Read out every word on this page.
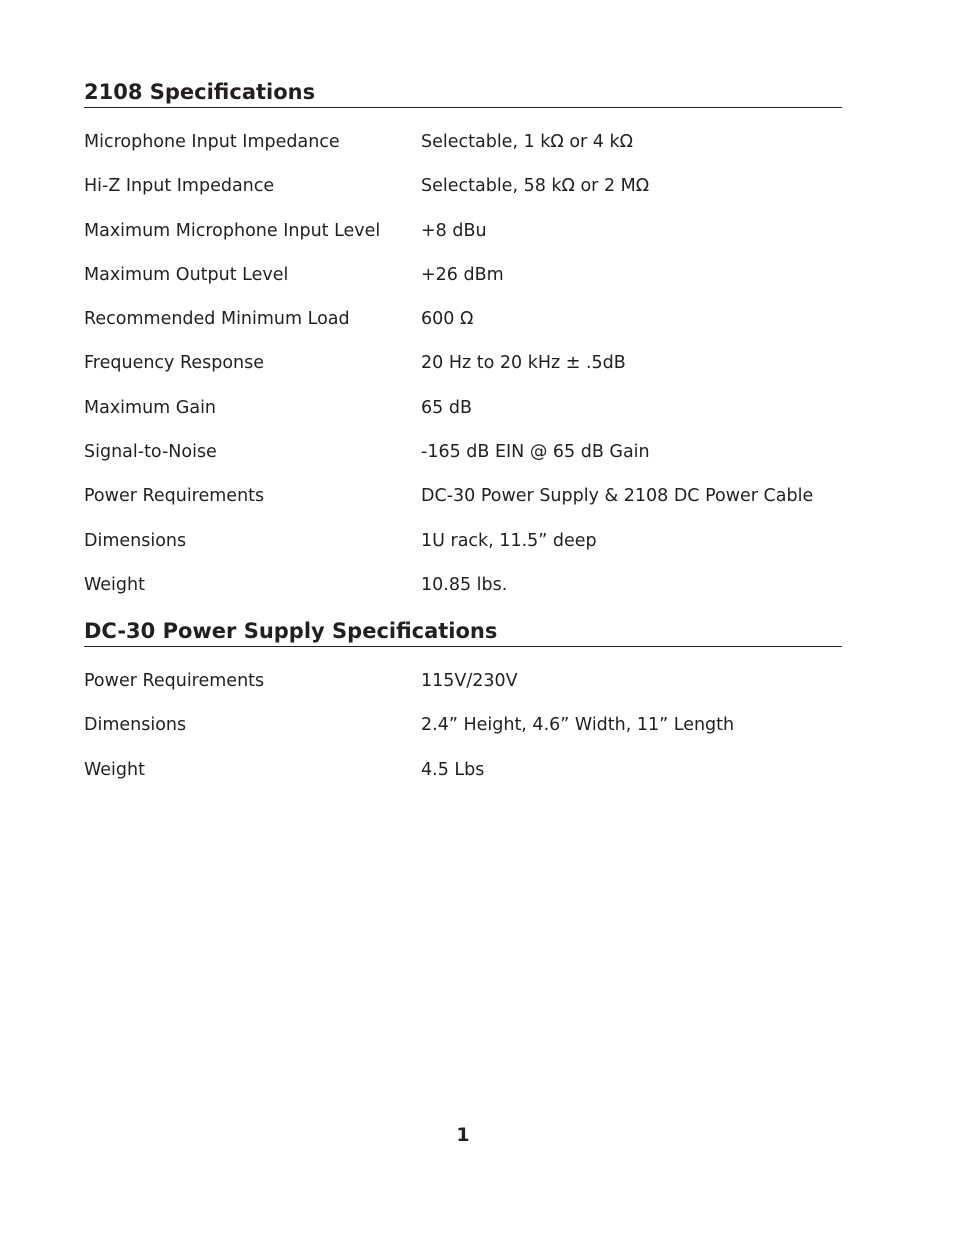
2108 Specifications
Microphone Input Impedance	Selectable, 1 kΩ or 4 kΩ
Hi-Z Input Impedance	Selectable, 58 kΩ or 2 MΩ
Maximum Microphone Input Level	+8 dBu
Maximum Output Level	+26 dBm
Recommended Minimum Load	600 Ω
Frequency Response	20 Hz to 20 kHz ± .5dB
Maximum Gain	65 dB
Signal-to-Noise	-165 dB EIN @ 65 dB Gain
Power Requirements	DC-30 Power Supply & 2108 DC Power Cable
Dimensions	1U rack, 11.5” deep
Weight	10.85 lbs.
DC-30 Power Supply Specifications
Power Requirements	115V/230V
Dimensions	2.4” Height, 4.6” Width, 11” Length
Weight	4.5 Lbs
1
